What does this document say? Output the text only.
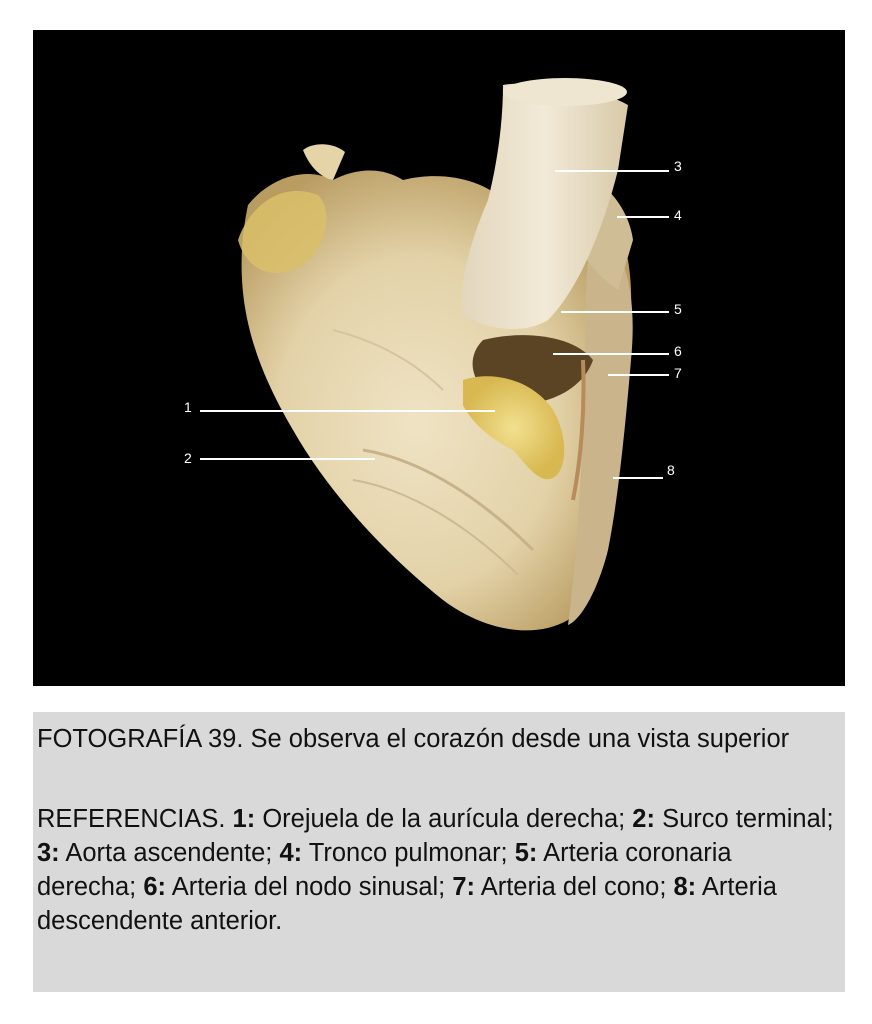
3
4
5
6
7
8
1
2

FOTOGRAFÍA 39. Se observa el corazón desde una vista superior

REFERENCIAS. 1: Orejuela de la aurícula derecha; 2: Surco terminal; 3: Aorta ascendente; 4: Tronco pulmonar; 5: Arteria coronaria derecha; 6: Arteria del nodo sinusal; 7: Arteria del cono; 8: Arteria descendente anterior.
